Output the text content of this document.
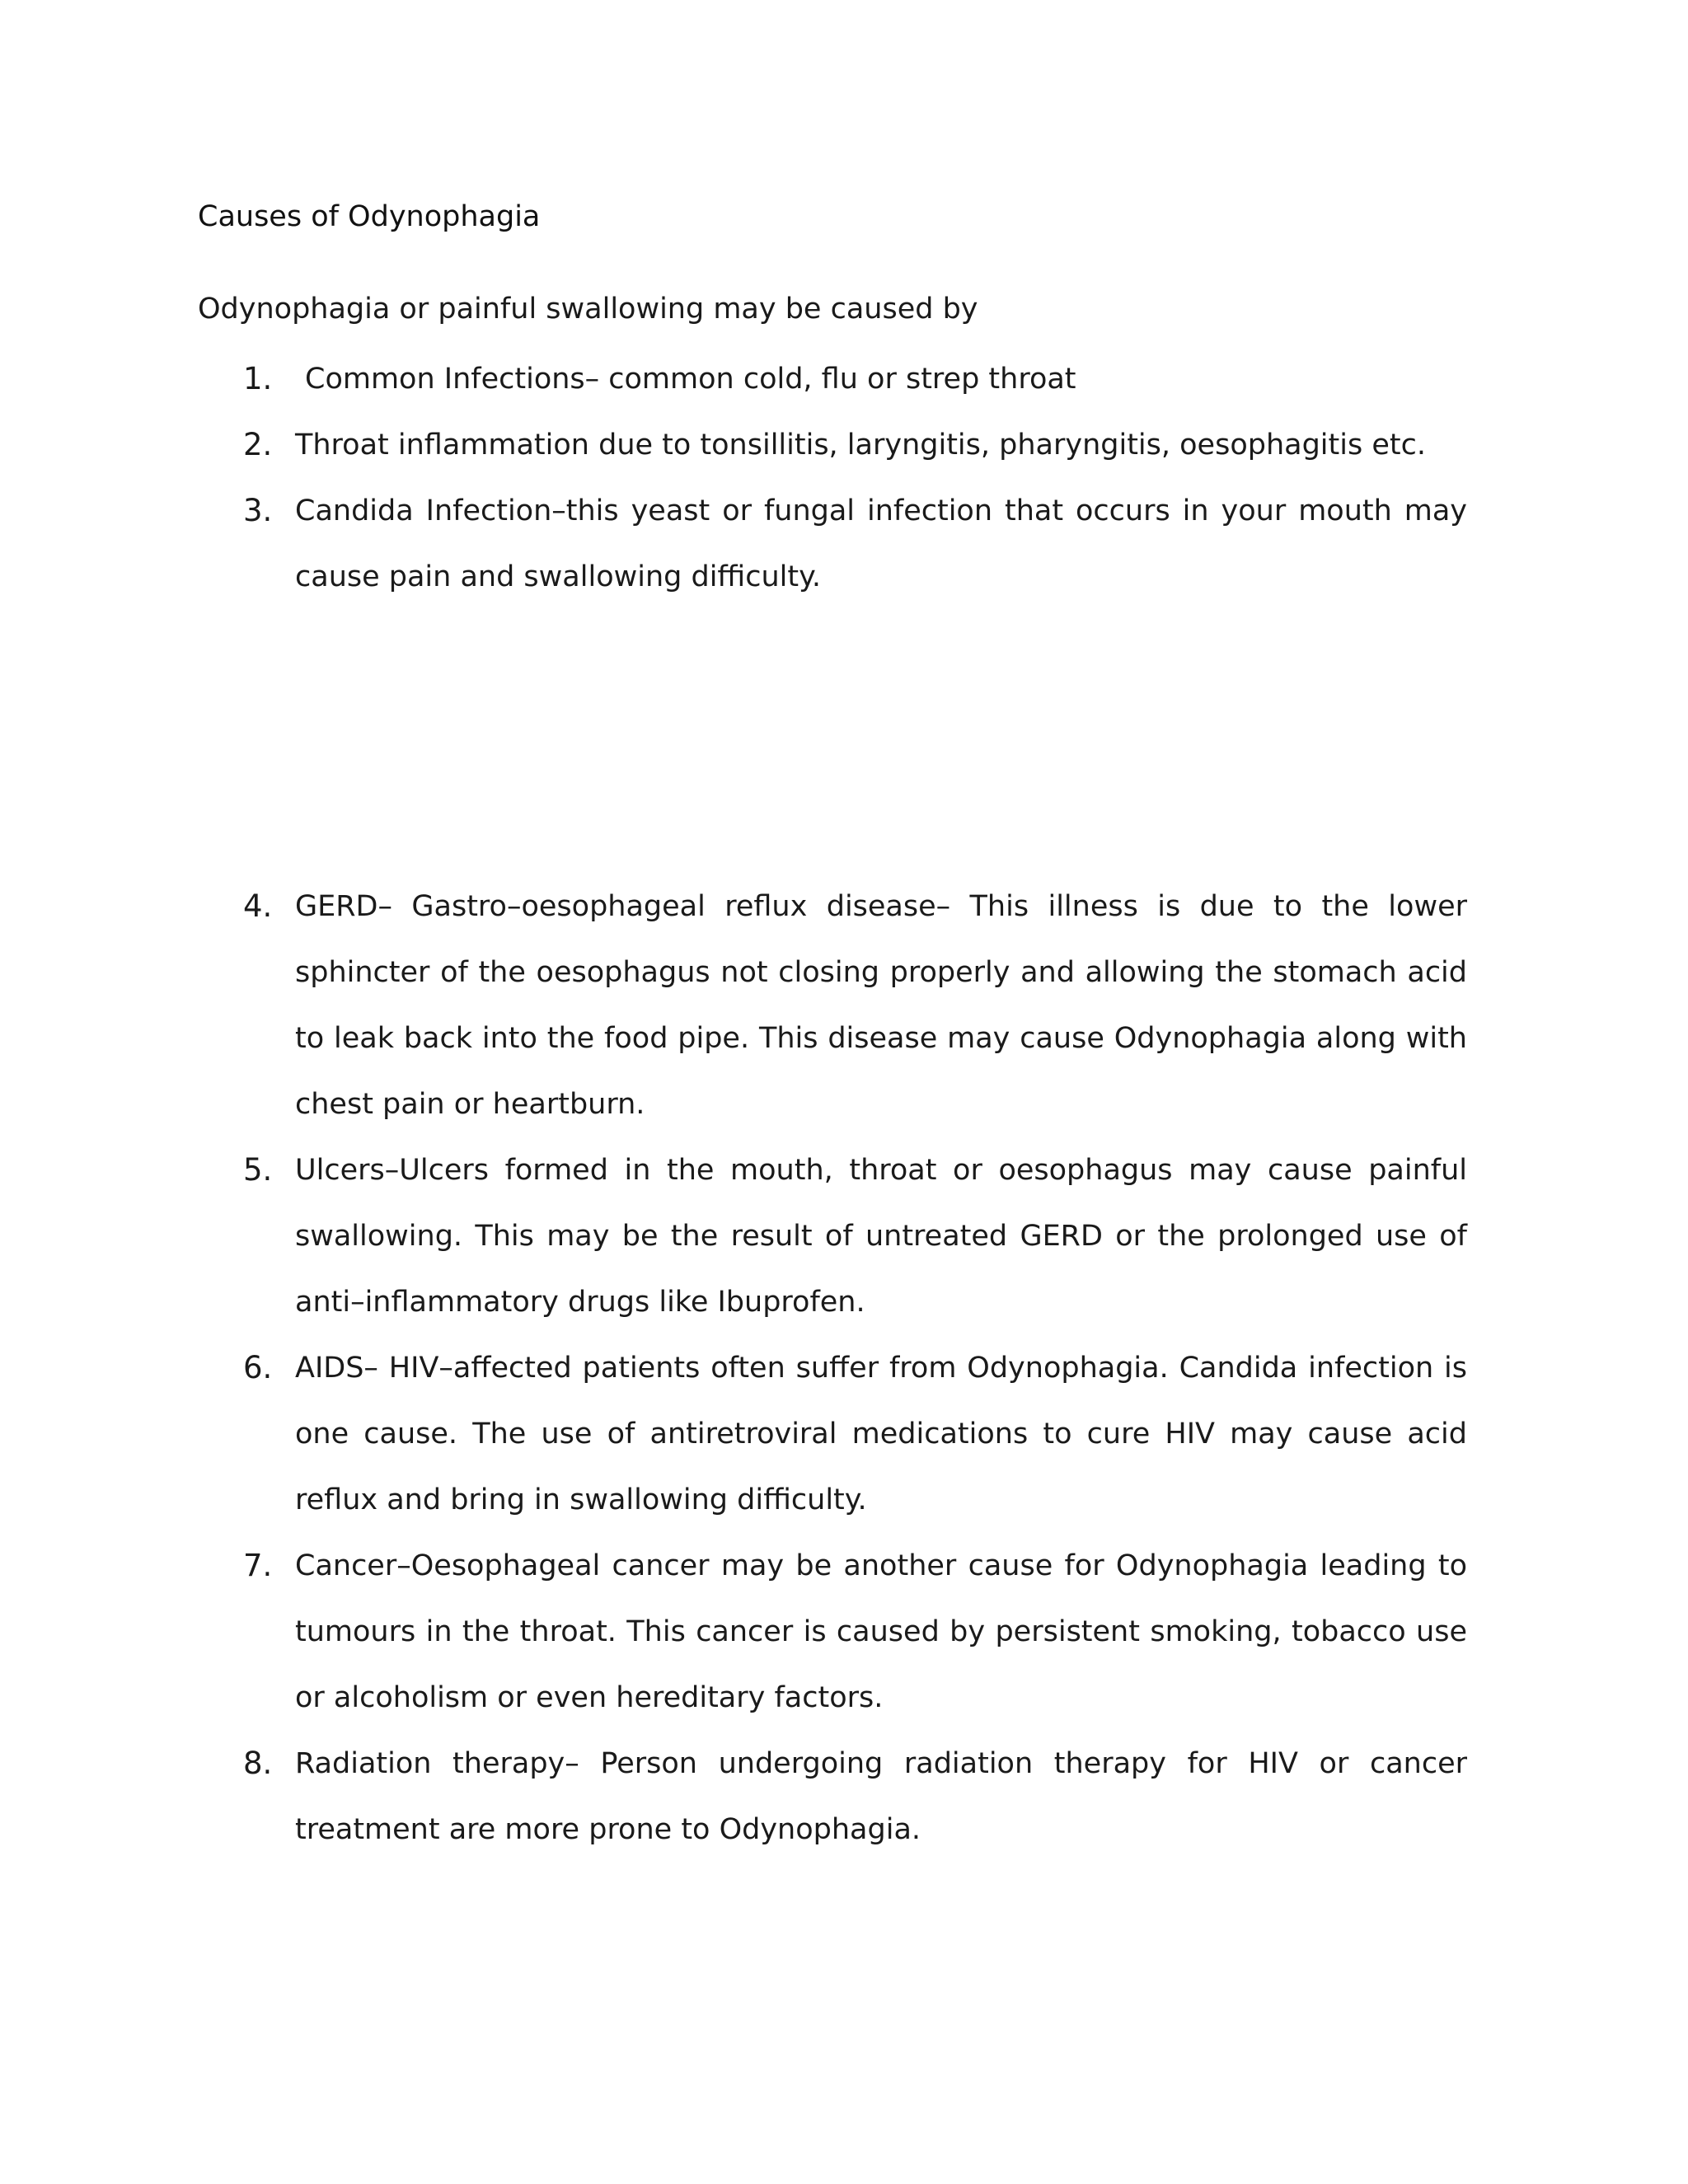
Causes of Odynophagia
Odynophagia or painful swallowing may be caused by
1.	Common Infections– common cold, flu or strep throat
2. Throat inflammation due to tonsillitis, laryngitis, pharyngitis, oesophagitis etc.
3. Candida Infection–this yeast or fungal infection that occurs in your mouth may cause pain and swallowing difficulty.
4. GERD– Gastro–oesophageal reflux disease– This illness is due to the lower sphincter of the oesophagus not closing properly and allowing the stomach acid to leak back into the food pipe. This disease may cause Odynophagia along with chest pain or heartburn.
5. Ulcers–Ulcers formed in the mouth, throat or oesophagus may cause painful swallowing. This may be the result of untreated GERD or the prolonged use of anti–inflammatory drugs like Ibuprofen.
6. AIDS– HIV–affected patients often suffer from Odynophagia. Candida infection is one cause. The use of antiretroviral medications to cure HIV may cause acid reflux and bring in swallowing difficulty.
7. Cancer–Oesophageal cancer may be another cause for Odynophagia leading to tumours in the throat. This cancer is caused by persistent smoking, tobacco use or alcoholism or even hereditary factors.
8. Radiation therapy– Person undergoing radiation therapy for HIV or cancer treatment are more prone to Odynophagia.
